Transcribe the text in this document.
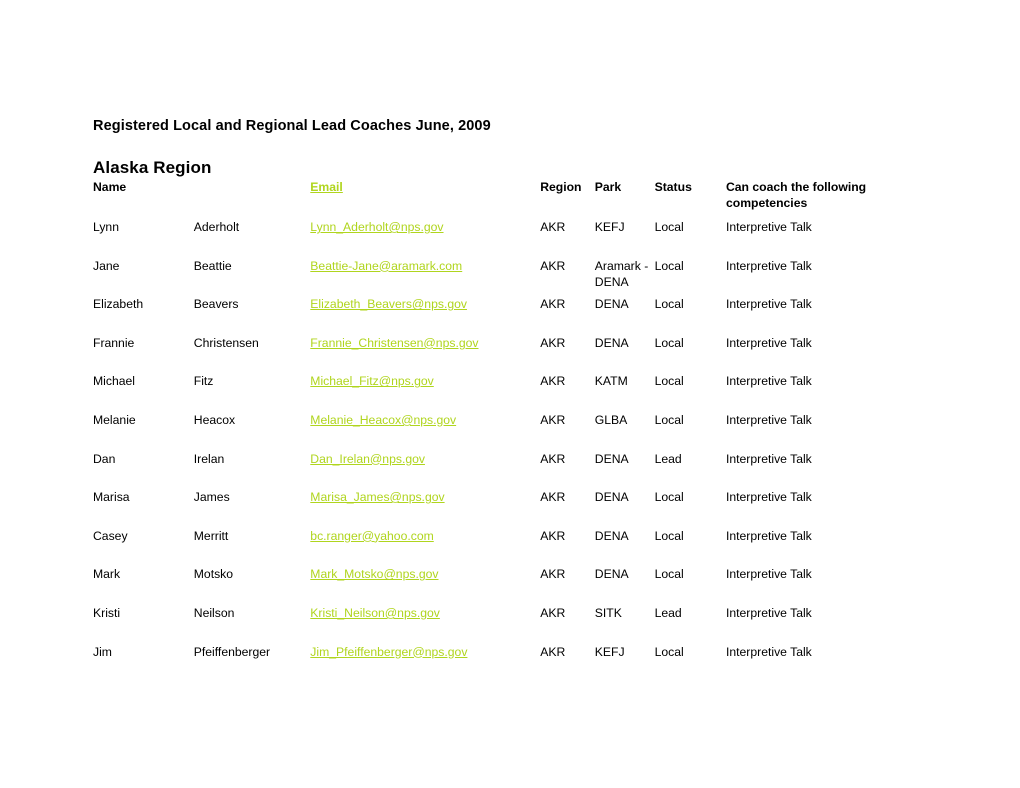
Registered Local and Regional Lead Coaches June, 2009
Alaska Region
Name		Email	Region	Park	Status	Can coach the following competencies
Lynn	Aderholt	Lynn_Aderholt@nps.gov	AKR	KEFJ	Local	Interpretive Talk
Jane	Beattie	Beattie-Jane@aramark.com	AKR	Aramark - DENA	Local	Interpretive Talk
Elizabeth	Beavers	Elizabeth_Beavers@nps.gov	AKR	DENA	Local	Interpretive Talk
Frannie	Christensen	Frannie_Christensen@nps.gov	AKR	DENA	Local	Interpretive Talk
Michael	Fitz	Michael_Fitz@nps.gov	AKR	KATM	Local	Interpretive Talk
Melanie	Heacox	Melanie_Heacox@nps.gov	AKR	GLBA	Local	Interpretive Talk
Dan	Irelan	Dan_Irelan@nps.gov	AKR	DENA	Lead	Interpretive Talk
Marisa	James	Marisa_James@nps.gov	AKR	DENA	Local	Interpretive Talk
Casey	Merritt	bc.ranger@yahoo.com	AKR	DENA	Local	Interpretive Talk
Mark	Motsko	Mark_Motsko@nps.gov	AKR	DENA	Local	Interpretive Talk
Kristi	Neilson	Kristi_Neilson@nps.gov	AKR	SITK	Lead	Interpretive Talk
Jim	Pfeiffenberger	Jim_Pfeiffenberger@nps.gov	AKR	KEFJ	Local	Interpretive Talk
